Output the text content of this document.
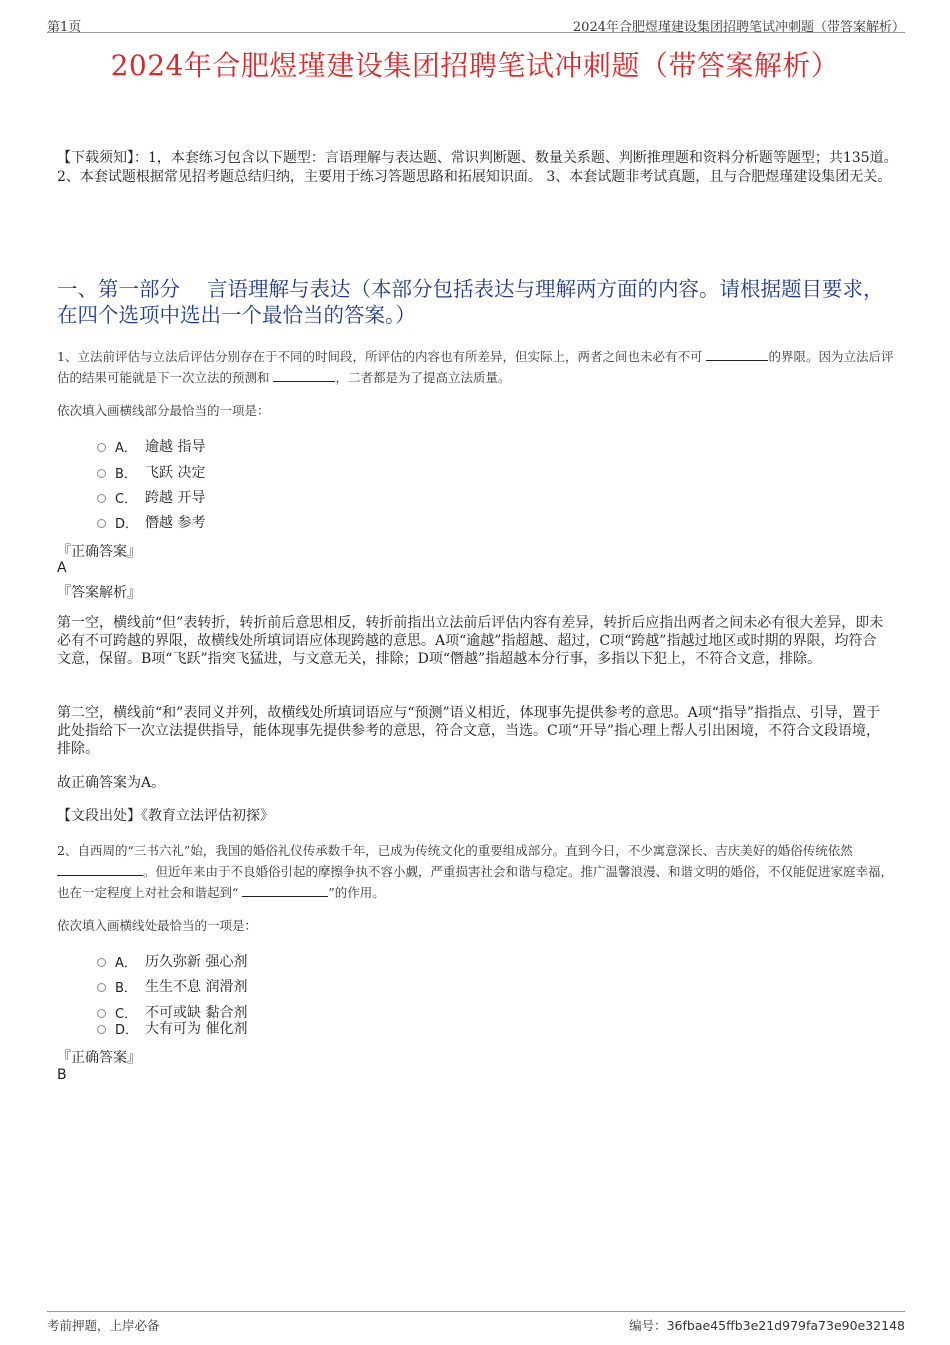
第1页	2024年合肥煜瑾建设集团招聘笔试冲刺题（带答案解析）
2024年合肥煜瑾建设集团招聘笔试冲刺题（带答案解析）
【下载须知】：1，本套练习包含以下题型：言语理解与表达题、常识判断题、数量关系题、判断推理题和资料分析题等题型；共135道。 2、本套试题根据常见招考题总结归纳，主要用于练习答题思路和拓展知识面。 3、本套试题非考试真题，且与合肥煜瑾建设集团无关。
一、第一部分　 言语理解与表达（本部分包括表达与理解两方面的内容。请根据题目要求，在四个选项中选出一个最恰当的答案。）
1、立法前评估与立法后评估分别存在于不同的时间段，所评估的内容也有所差异，但实际上，两者之间也未必有不可	的界限。因为立法后评估的结果可能就是下一次立法的预测和	，二者都是为了提高立法质量。
依次填入画横线部分最恰当的一项是：
A． 逾越 指导
B． 飞跃 决定
C． 跨越 开导
D． 僭越 参考
『正确答案』
A
『答案解析』
第一空，横线前“但”表转折，转折前后意思相反，转折前指出立法前后评估内容有差异，转折后应指出两者之间未必有很大差异，即未必有不可跨越的界限，故横线处所填词语应体现跨越的意思。A项“逾越”指超越、超过，C项“跨越”指越过地区或时期的界限，均符合文意，保留。B项“飞跃”指突飞猛进，与文意无关，排除；D项“僭越”指超越本分行事，多指以下犯上，不符合文意，排除。
第二空，横线前“和”表同义并列，故横线处所填词语应与“预测”语义相近，体现事先提供参考的意思。A项“指导”指指点、引导，置于此处指给下一次立法提供指导，能体现事先提供参考的意思，符合文意，当选。C项“开导”指心理上帮人引出困境，不符合文段语境，排除。
故正确答案为A。
【文段出处】《教育立法评估初探》
2、自西周的“三书六礼”始，我国的婚俗礼仪传承数千年，已成为传统文化的重要组成部分。直到今日，不少寓意深长、吉庆美好的婚俗传统依然 。但近年来由于不良婚俗引起的摩擦争执不容小觑，严重损害社会和谐与稳定。推广温馨浪漫、和谐文明的婚俗，不仅能促进家庭幸福，也在一定程度上对社会和谐起到“	”的作用。
依次填入画横线处最恰当的一项是：
A． 历久弥新 强心剂
B． 生生不息 润滑剂
C． 不可或缺 黏合剂
D． 大有可为 催化剂
『正确答案』
B
考前押题，上岸必备	编号：36fbae45ffb3e21d979fa73e90e32148
